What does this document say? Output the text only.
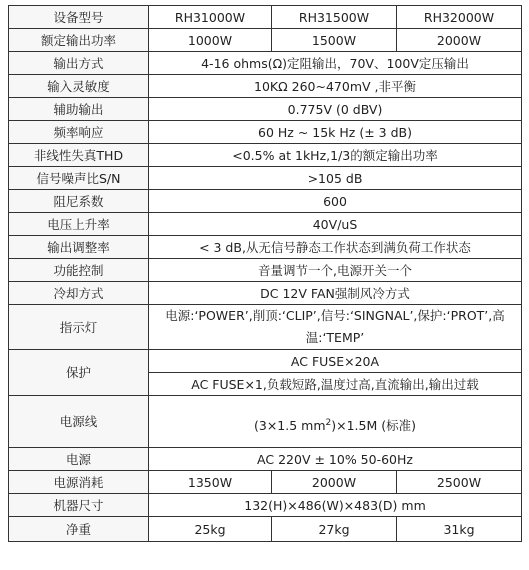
设备型号	RH31000W	RH31500W	RH32000W
额定输出功率	1000W	1500W	2000W
输出方式	4-16 ohms(Ω)定阻输出，70V、100V定压输出		
输入灵敏度	10KΩ 260~470mV ,非平衡		
辅助输出	0.775V (0 dBV)		
频率响应	60 Hz ~ 15k Hz (± 3 dB)		
非线性失真THD	<0.5% at 1kHz,1/3的额定输出功率		
信号噪声比S/N	>105 dB		
阻尼系数	600		
电压上升率	40V/uS		
输出调整率	< 3 dB,从无信号静态工作状态到满负荷工作状态		
功能控制	音量调节一个,电源开关一个		
冷却方式	DC 12V FAN强制风冷方式		
指示灯	电源:‘POWER’,削顶:‘CLIP’,信号:‘SINGNAL’,保护:‘PROT’,高温:‘TEMP’		
保护	AC FUSE×20A		
	AC FUSE×1,负载短路,温度过高,直流输出,输出过载		
电源线	(3×1.5 $mm^2)\times 1.5M$ (标准)		
电源	AC 220V ± 10% 50-60Hz		
电源消耗	1350W	2000W	2500W
机器尺寸	132(H)×486(W)×483(D) mm		
净重	25kg	27kg	31kg
